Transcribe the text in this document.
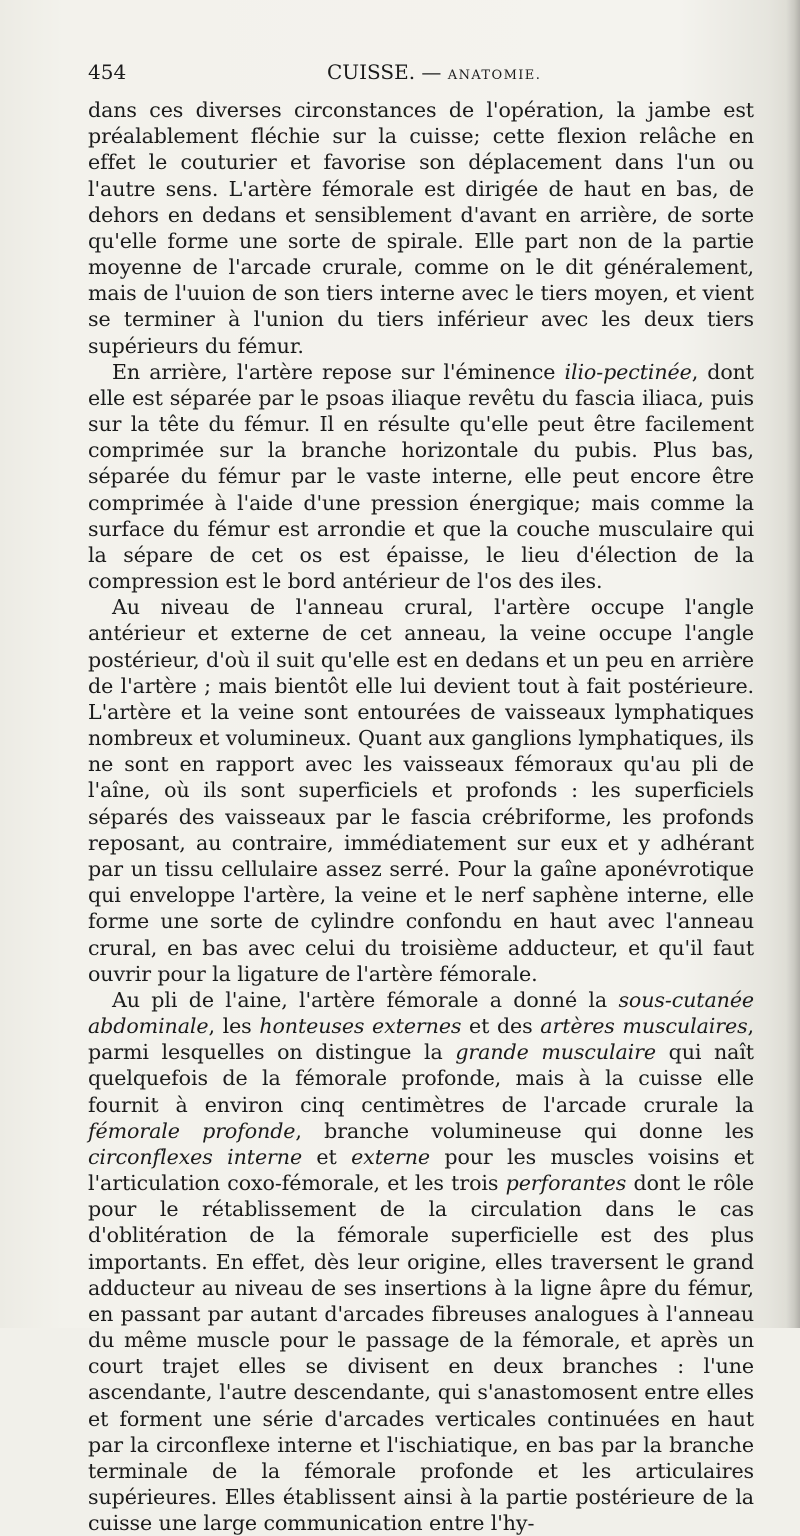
454	CUISSE. — ANATOMIE.

dans ces diverses circonstances de l'opération, la jambe est préalablement fléchie sur la cuisse; cette flexion relâche en effet le couturier et favorise son déplacement dans l'un ou l'autre sens. L'artère fémorale est dirigée de haut en bas, de dehors en dedans et sensiblement d'avant en arrière, de sorte qu'elle forme une sorte de spirale. Elle part non de la partie moyenne de l'arcade crurale, comme on le dit généralement, mais de l'uuion de son tiers interne avec le tiers moyen, et vient se terminer à l'union du tiers inférieur avec les deux tiers supérieurs du fémur.

En arrière, l'artère repose sur l'éminence ilio-pectinée, dont elle est séparée par le psoas iliaque revêtu du fascia iliaca, puis sur la tête du fémur. Il en résulte qu'elle peut être facilement comprimée sur la branche horizontale du pubis. Plus bas, séparée du fémur par le vaste interne, elle peut encore être comprimée à l'aide d'une pression énergique; mais comme la surface du fémur est arrondie et que la couche musculaire qui la sépare de cet os est épaisse, le lieu d'élection de la compression est le bord antérieur de l'os des iles.

Au niveau de l'anneau crural, l'artère occupe l'angle antérieur et externe de cet anneau, la veine occupe l'angle postérieur, d'où il suit qu'elle est en dedans et un peu en arrière de l'artère ; mais bientôt elle lui devient tout à fait postérieure. L'artère et la veine sont entourées de vaisseaux lymphatiques nombreux et volumineux. Quant aux ganglions lymphatiques, ils ne sont en rapport avec les vaisseaux fémoraux qu'au pli de l'aîne, où ils sont superficiels et profonds : les superficiels séparés des vaisseaux par le fascia crébriforme, les profonds reposant, au contraire, immédiatement sur eux et y adhérant par un tissu cellulaire assez serré. Pour la gaîne aponévrotique qui enveloppe l'artère, la veine et le nerf saphène interne, elle forme une sorte de cylindre confondu en haut avec l'anneau crural, en bas avec celui du troisième adducteur, et qu'il faut ouvrir pour la ligature de l'artère fémorale.

Au pli de l'aine, l'artère fémorale a donné la sous-cutanée abdominale, les honteuses externes et des artères musculaires, parmi lesquelles on distingue la grande musculaire qui naît quelquefois de la fémorale profonde, mais à la cuisse elle fournit à environ cinq centimètres de l'arcade crurale la fémorale profonde, branche volumineuse qui donne les circonflexes interne et externe pour les muscles voisins et l'articulation coxo-fémorale, et les trois perforantes dont le rôle pour le rétablissement de la circulation dans le cas d'oblitération de la fémorale superficielle est des plus importants. En effet, dès leur origine, elles traversent le grand adducteur au niveau de ses insertions à la ligne âpre du fémur, en passant par autant d'arcades fibreuses analogues à l'anneau du même muscle pour le passage de la fémorale, et après un court trajet elles se divisent en deux branches : l'une ascendante, l'autre descendante, qui s'anastomosent entre elles et forment une série d'arcades verticales continuées en haut par la circonflexe interne et l'ischiatique, en bas par la branche terminale de la fémorale profonde et les articulaires supérieures. Elles établissent ainsi à la partie postérieure de la cuisse une large communication entre l'hy-
